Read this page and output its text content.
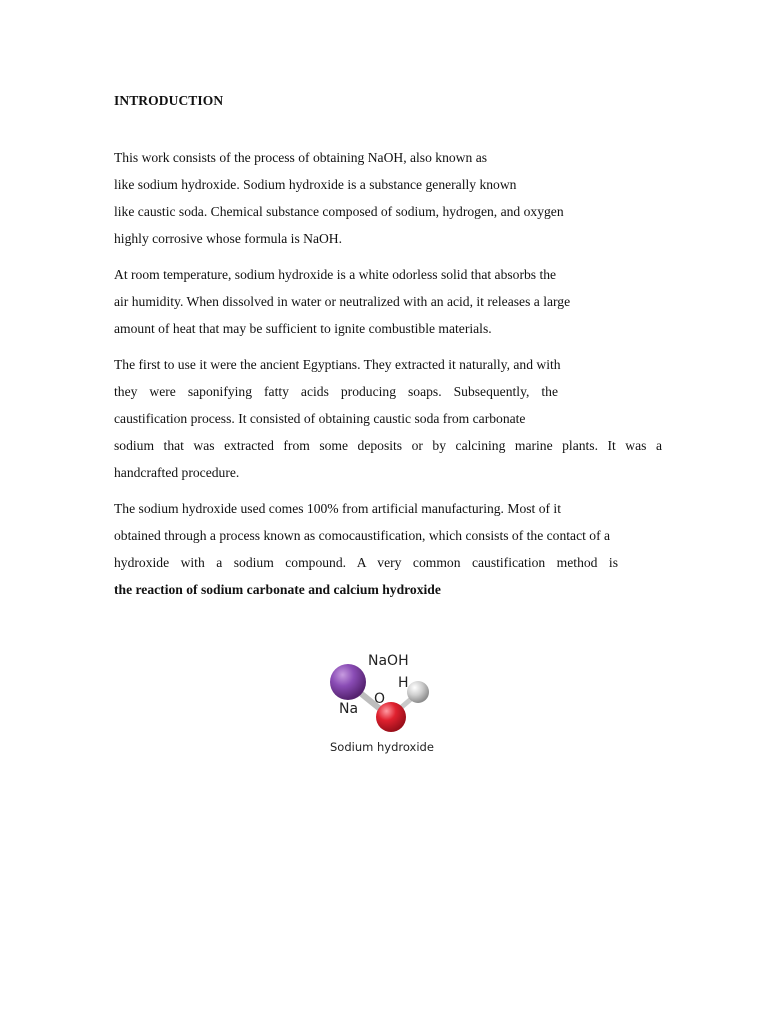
INTRODUCTION
This work consists of the process of obtaining NaOH, also known as
like sodium hydroxide. Sodium hydroxide is a substance generally known
like caustic soda. Chemical substance composed of sodium, hydrogen, and oxygen
highly corrosive whose formula is NaOH.
At room temperature, sodium hydroxide is a white odorless solid that absorbs the
air humidity. When dissolved in water or neutralized with an acid, it releases a large
amount of heat that may be sufficient to ignite combustible materials.
The first to use it were the ancient Egyptians. They extracted it naturally, and with
they were saponifying fatty acids producing soaps. Subsequently, the
caustification process. It consisted of obtaining caustic soda from carbonate
sodium that was extracted from some deposits or by calcining marine plants. It was a
handcrafted procedure.
The sodium hydroxide used comes 100% from artificial manufacturing. Most of it
obtained through a process known as comocaustification, which consists of the contact of a
hydroxide with a sodium compound. A very common caustification method is
the reaction of sodium carbonate and calcium hydroxide
NaOH
H
O
Na
Sodium hydroxide
